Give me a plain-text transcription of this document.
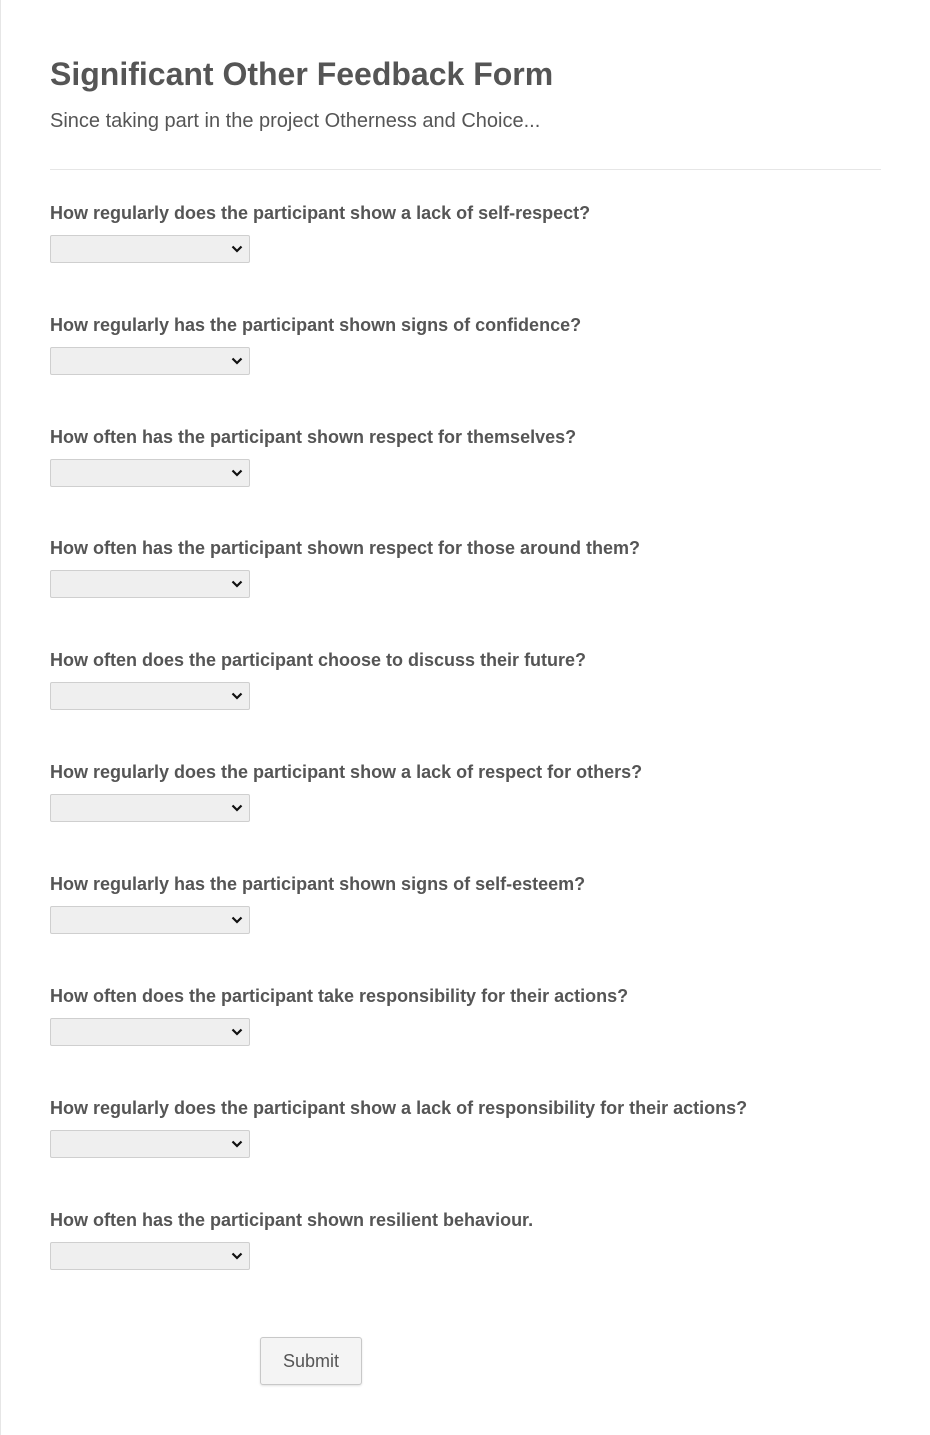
Significant Other Feedback Form
Since taking part in the project Otherness and Choice...
How regularly does the participant show a lack of self-respect?
How regularly has the participant shown signs of confidence?
How often has the participant shown respect for themselves?
How often has the participant shown respect for those around them?
How often does the participant choose to discuss their future?
How regularly does the participant show a lack of respect for others?
How regularly has the participant shown signs of self-esteem?
How often does the participant take responsibility for their actions?
How regularly does the participant show a lack of responsibility for their actions?
How often has the participant shown resilient behaviour.
Submit
